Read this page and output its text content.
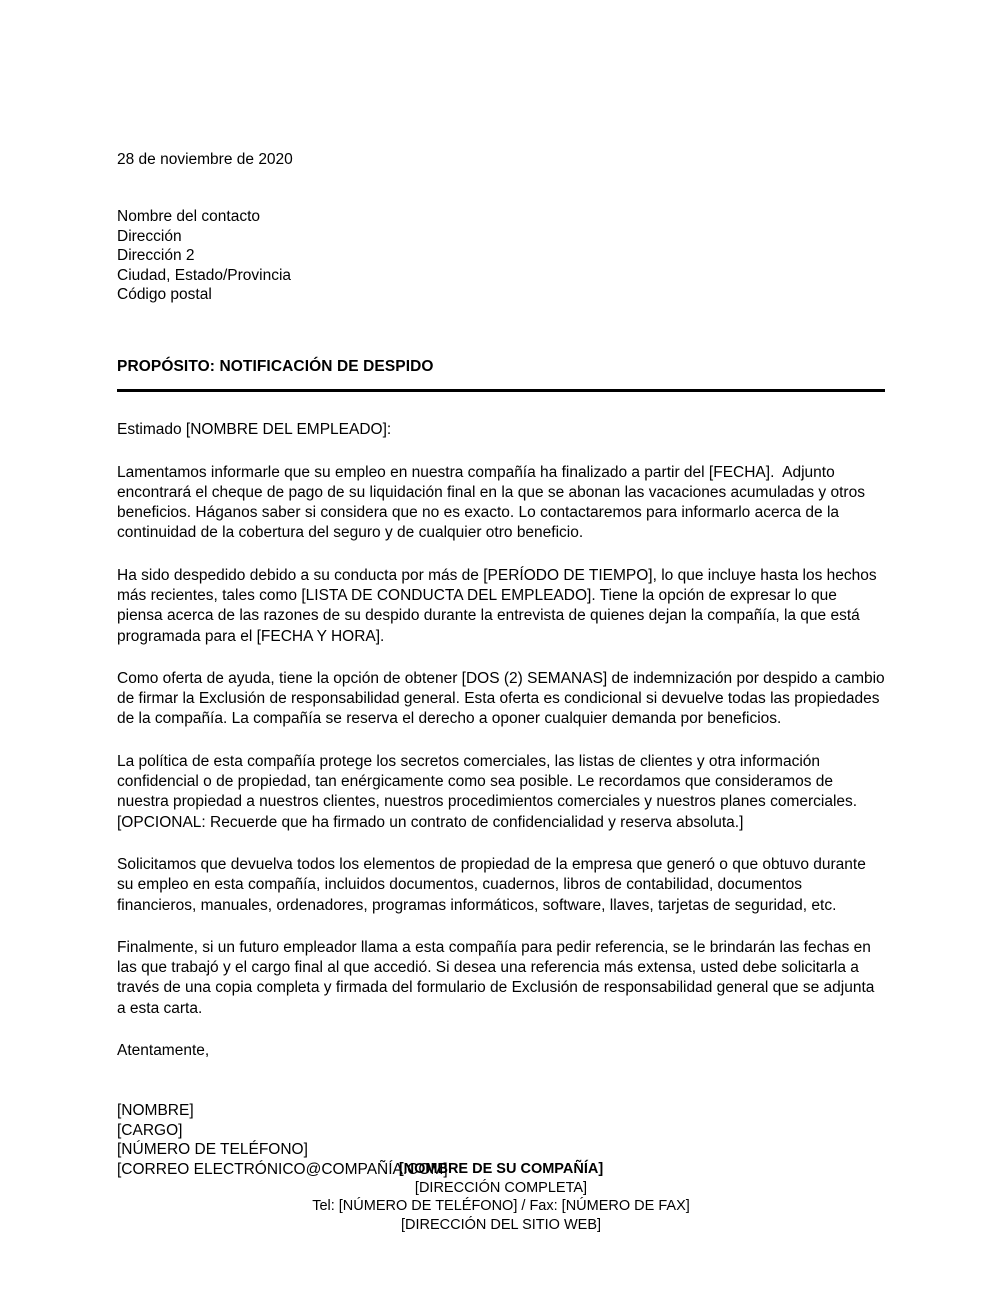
28 de noviembre de 2020
Nombre del contacto
Dirección
Dirección 2
Ciudad, Estado/Provincia
Código postal
PROPÓSITO: NOTIFICACIÓN DE DESPIDO
Estimado [NOMBRE DEL EMPLEADO]:

Lamentamos informarle que su empleo en nuestra compañía ha finalizado a partir del [FECHA].  Adjunto encontrará el cheque de pago de su liquidación final en la que se abonan las vacaciones acumuladas y otros beneficios. Háganos saber si considera que no es exacto. Lo contactaremos para informarlo acerca de la continuidad de la cobertura del seguro y de cualquier otro beneficio.

Ha sido despedido debido a su conducta por más de [PERÍODO DE TIEMPO], lo que incluye hasta los hechos más recientes, tales como [LISTA DE CONDUCTA DEL EMPLEADO]. Tiene la opción de expresar lo que piensa acerca de las razones de su despido durante la entrevista de quienes dejan la compañía, la que está programada para el [FECHA Y HORA].

Como oferta de ayuda, tiene la opción de obtener [DOS (2) SEMANAS] de indemnización por despido a cambio de firmar la Exclusión de responsabilidad general. Esta oferta es condicional si devuelve todas las propiedades de la compañía. La compañía se reserva el derecho a oponer cualquier demanda por beneficios.

La política de esta compañía protege los secretos comerciales, las listas de clientes y otra información confidencial o de propiedad, tan enérgicamente como sea posible. Le recordamos que consideramos de nuestra propiedad a nuestros clientes, nuestros procedimientos comerciales y nuestros planes comerciales. [OPCIONAL: Recuerde que ha firmado un contrato de confidencialidad y reserva absoluta.]

Solicitamos que devuelva todos los elementos de propiedad de la empresa que generó o que obtuvo durante su empleo en esta compañía, incluidos documentos, cuadernos, libros de contabilidad, documentos financieros, manuales, ordenadores, programas informáticos, software, llaves, tarjetas de seguridad, etc.

Finalmente, si un futuro empleador llama a esta compañía para pedir referencia, se le brindarán las fechas en las que trabajó y el cargo final al que accedió. Si desea una referencia más extensa, usted debe solicitarla a través de una copia completa y firmada del formulario de Exclusión de responsabilidad general que se adjunta a esta carta.

Atentamente,
[NOMBRE]
[CARGO]
[NÚMERO DE TELÉFONO]
[CORREO ELECTRÓNICO@COMPAÑÍA.COM]
[NOMBRE DE SU COMPAÑÍA]
[DIRECCIÓN COMPLETA]
Tel: [NÚMERO DE TELÉFONO] / Fax: [NÚMERO DE FAX]
[DIRECCIÓN DEL SITIO WEB]
